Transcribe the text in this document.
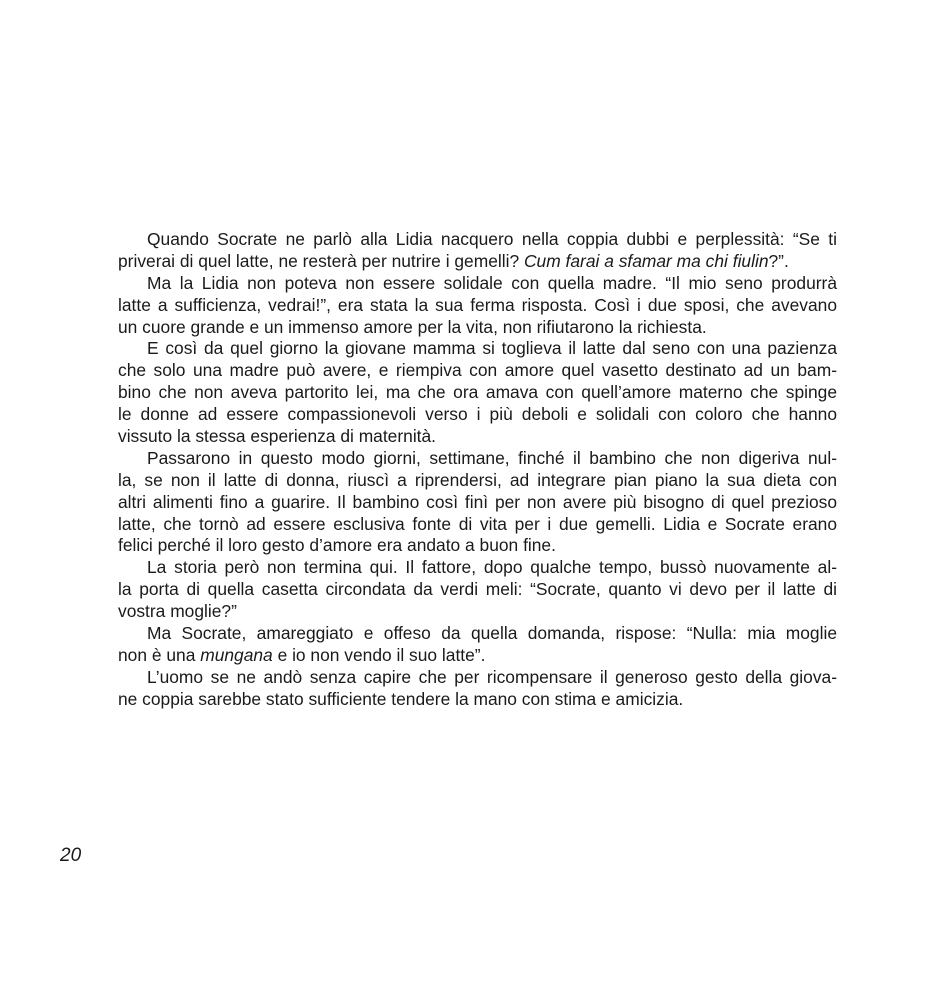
Quando Socrate ne parlò alla Lidia nacquero nella coppia dubbi e perplessità: “Se ti
priverai di quel latte, ne resterà per nutrire i gemelli? Cum farai a sfamar ma chi fiulin?”.
Ma la Lidia non poteva non essere solidale con quella madre. “Il mio seno produrrà
latte a sufficienza, vedrai!”, era stata la sua ferma risposta. Così i due sposi, che avevano
un cuore grande e un immenso amore per la vita, non rifiutarono la richiesta.
E così da quel giorno la giovane mamma si toglieva il latte dal seno con una pazienza
che solo una madre può avere, e riempiva con amore quel vasetto destinato ad un bam-
bino che non aveva partorito lei, ma che ora amava con quell’amore materno che spinge
le donne ad essere compassionevoli verso i più deboli e solidali con coloro che hanno
vissuto la stessa esperienza di maternità.
Passarono in questo modo giorni, settimane, finché il bambino che non digeriva nul-
la, se non il latte di donna, riuscì a riprendersi, ad integrare pian piano la sua dieta con
altri alimenti fino a guarire. Il bambino così finì per non avere più bisogno di quel prezioso
latte, che tornò ad essere esclusiva fonte di vita per i due gemelli. Lidia e Socrate erano
felici perché il loro gesto d’amore era andato a buon fine.
La storia però non termina qui. Il fattore, dopo qualche tempo, bussò nuovamente al-
la porta di quella casetta circondata da verdi meli: “Socrate, quanto vi devo per il latte di
vostra moglie?”
Ma Socrate, amareggiato e offeso da quella domanda, rispose: “Nulla: mia moglie
non è una mungana e io non vendo il suo latte”.
L’uomo se ne andò senza capire che per ricompensare il generoso gesto della giova-
ne coppia sarebbe stato sufficiente tendere la mano con stima e amicizia.
20
